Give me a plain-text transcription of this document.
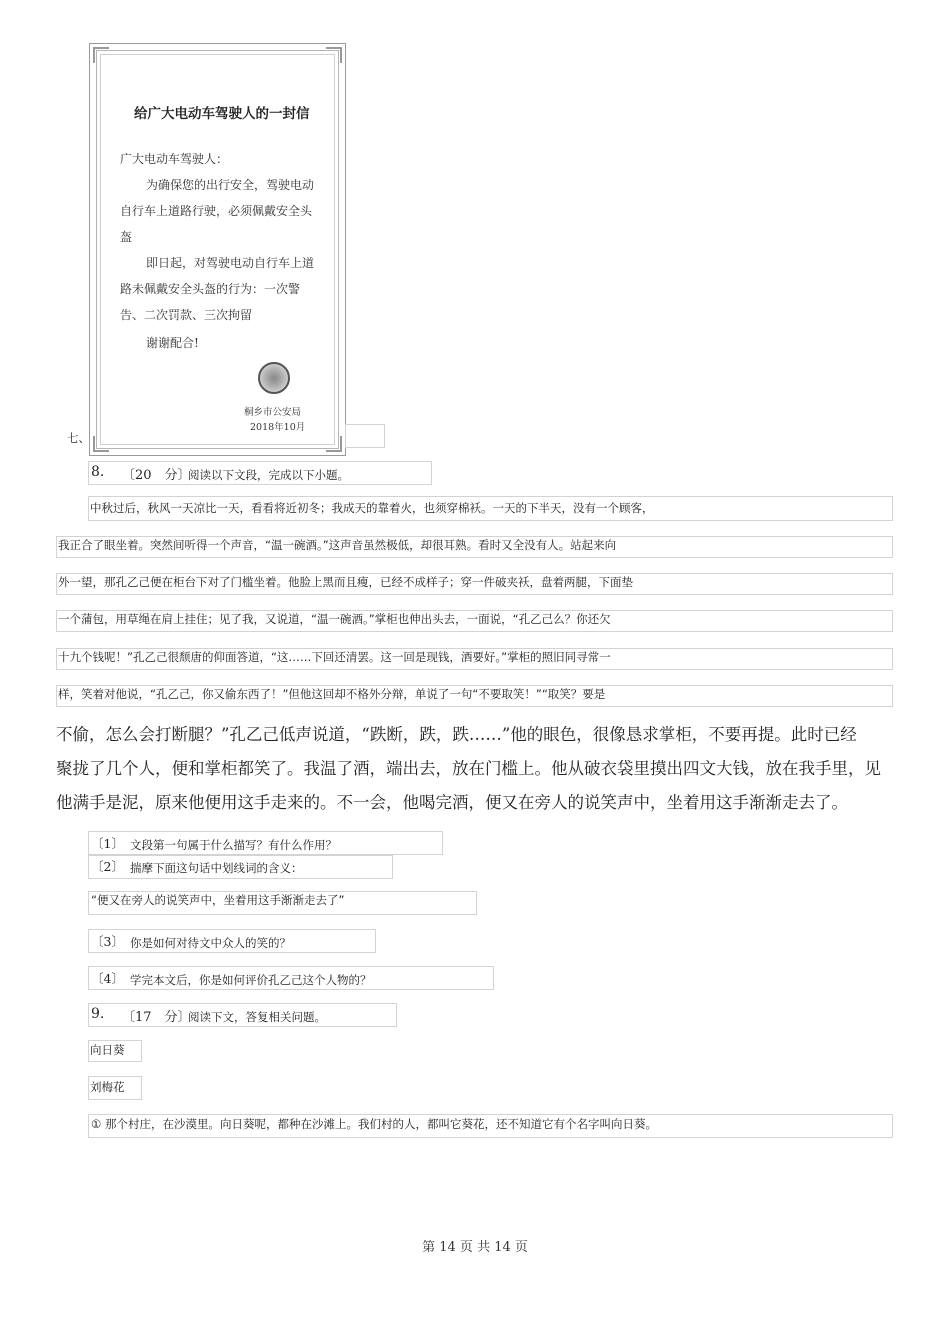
给广大电动车驾驶人的一封信
广大电动车驾驶人：
为确保您的出行安全，驾驶电动
自行车上道路行驶，必须佩戴安全头
盔
即日起，对驾驶电动自行车上道
路未佩戴安全头盔的行为：一次警
告、二次罚款、三次拘留
谢谢配合!
桐乡市公安局
2018年10月
七、
8. 〔20　分〕
阅读以下文段，完成以下小题。
中秋过后，秋风一天凉比一天，看看将近初冬；我成天的靠着火，也须穿棉袄。一天的下半天，没有一个顾客，
我正合了眼坐着。突然间听得一个声音，“温一碗酒。”这声音虽然极低，却很耳熟。看时又全没有人。站起来向
外一望，那孔乙己便在柜台下对了门槛坐着。他脸上黑而且瘦，已经不成样子；穿一件破夹袄，盘着两腿，下面垫
一个蒲包，用草绳在肩上挂住；见了我，又说道，“温一碗酒。”掌柜也伸出头去，一面说，“孔乙己么？你还欠
十九个钱呢！”孔乙己很颓唐的仰面答道，“这……下回还清罢。这一回是现钱，酒要好。”掌柜的照旧同寻常一
样，笑着对他说，“孔乙己，你又偷东西了！”但他这回却不格外分辩，单说了一句“不要取笑！”“取笑？要是
不偷，怎么会打断腿？”孔乙己低声说道，“跌断，跌，跌……”他的眼色，很像恳求掌柜，不要再提。此时已经
聚拢了几个人，便和掌柜都笑了。我温了酒，端出去，放在门槛上。他从破衣袋里摸出四文大钱，放在我手里，见
他满手是泥，原来他便用这手走来的。不一会，他喝完酒，便又在旁人的说笑声中，坐着用这手渐渐走去了。
〔1〕 文段第一句属于什么描写？有什么作用？
〔2〕 揣摩下面这句话中划线词的含义：
“便又在旁人的说笑声中，坐着用这手渐渐走去了”
〔3〕 你是如何对待文中众人的笑的？
〔4〕 学完本文后，你是如何评价孔乙己这个人物的？
9. 〔17　分〕
阅读下文，答复相关问题。
向日葵
刘梅花
① 那个村庄，在沙漠里。向日葵呢，都种在沙滩上。我们村的人，都叫它葵花，还不知道它有个名字叫向日葵。
第 14 页 共 14 页
